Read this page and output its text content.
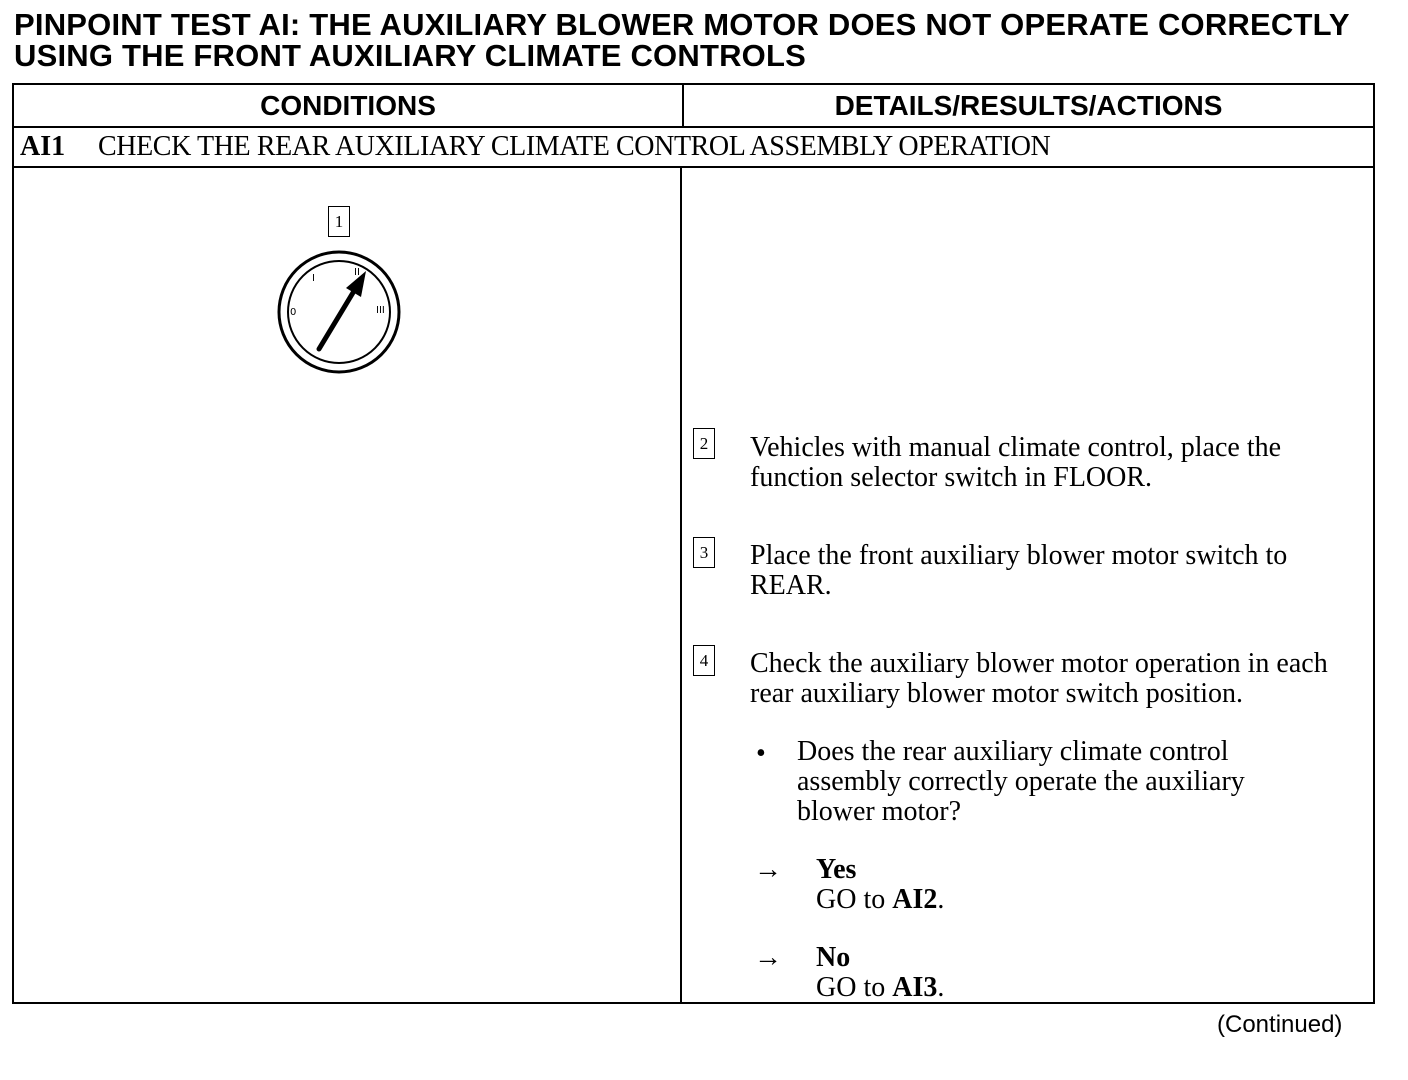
PINPOINT TEST AI: THE AUXILIARY BLOWER MOTOR DOES NOT OPERATE CORRECTLY
USING THE FRONT AUXILIARY CLIMATE CONTROLS
CONDITIONS	DETAILS/RESULTS/ACTIONS
AI1	CHECK THE REAR AUXILIARY CLIMATE CONTROL ASSEMBLY OPERATION
1
0
I
II
III
2 Vehicles with manual climate control, place the

function selector switch in FLOOR.

3 Place the front auxiliary blower motor switch to

REAR.

4 Check the auxiliary blower motor operation in each

rear auxiliary blower motor switch position.

• Does the rear auxiliary climate control
assembly correctly operate the auxiliary
blower motor?
→	Yes
GO to AI2.
→	No
GO to AI3.
(Continued)
